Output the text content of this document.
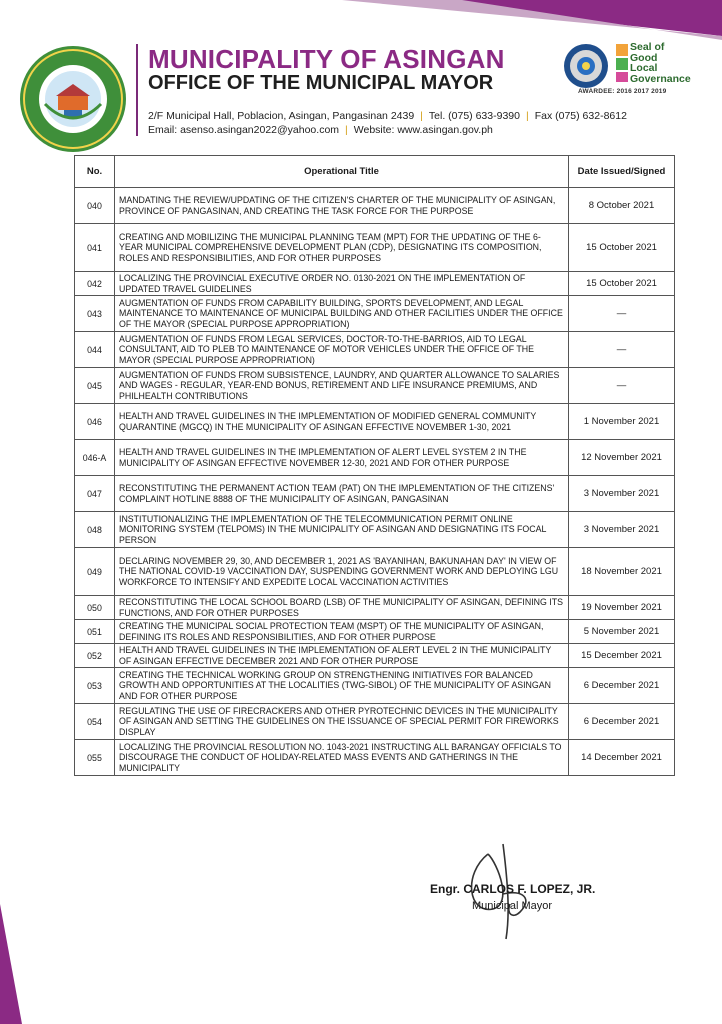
MUNICIPALITY OF ASINGAN
OFFICE OF THE MUNICIPAL MAYOR
2/F Municipal Hall, Poblacion, Asingan, Pangasinan 2439 | Tel. (075) 633-9390 | Fax (075) 632-8612
Email: asenso.asingan2022@yahoo.com | Website: www.asingan.gov.ph
Seal of
Good
Local
Governance
AWARDEE: 2016 2017 2019
No.	Operational Title	Date Issued/Signed
040	MANDATING THE REVIEW/UPDATING OF THE CITIZEN'S CHARTER OF THE MUNICIPALITY OF ASINGAN, PROVINCE OF PANGASINAN, AND CREATING THE TASK FORCE FOR THE PURPOSE	8 October 2021
041	CREATING AND MOBILIZING THE MUNICIPAL PLANNING TEAM (MPT) FOR THE UPDATING OF THE 6-YEAR MUNICIPAL COMPREHENSIVE DEVELOPMENT PLAN (CDP), DESIGNATING ITS COMPOSITION, ROLES AND RESPONSIBILITIES, AND FOR OTHER PURPOSES	15 October 2021
042	LOCALIZING THE PROVINCIAL EXECUTIVE ORDER NO. 0130-2021 ON THE IMPLEMENTATION OF UPDATED TRAVEL GUIDELINES	15 October 2021
043	AUGMENTATION OF FUNDS FROM CAPABILITY BUILDING, SPORTS DEVELOPMENT, AND LEGAL MAINTENANCE TO MAINTENANCE OF MUNICIPAL BUILDING AND OTHER FACILITIES UNDER THE OFFICE OF THE MAYOR (SPECIAL PURPOSE APPROPRIATION)	—
044	AUGMENTATION OF FUNDS FROM LEGAL SERVICES, DOCTOR-TO-THE-BARRIOS, AID TO LEGAL CONSULTANT, AID TO PLEB TO MAINTENANCE OF MOTOR VEHICLES UNDER THE OFFICE OF THE MAYOR (SPECIAL PURPOSE APPROPRIATION)	—
045	AUGMENTATION OF FUNDS FROM SUBSISTENCE, LAUNDRY, AND QUARTER ALLOWANCE TO SALARIES AND WAGES - REGULAR, YEAR-END BONUS, RETIREMENT AND LIFE INSURANCE PREMIUMS, AND PHILHEALTH CONTRIBUTIONS	—
046	HEALTH AND TRAVEL GUIDELINES IN THE IMPLEMENTATION OF MODIFIED GENERAL COMMUNITY QUARANTINE (MGCQ) IN THE MUNICIPALITY OF ASINGAN EFFECTIVE NOVEMBER 1-30, 2021	1 November 2021
046-A	HEALTH AND TRAVEL GUIDELINES IN THE IMPLEMENTATION OF ALERT LEVEL SYSTEM 2 IN THE MUNICIPALITY OF ASINGAN EFFECTIVE NOVEMBER 12-30, 2021 AND FOR OTHER PURPOSE	12 November 2021
047	RECONSTITUTING THE PERMANENT ACTION TEAM (PAT) ON THE IMPLEMENTATION OF THE CITIZENS' COMPLAINT HOTLINE 8888 OF THE MUNICIPALITY OF ASINGAN, PANGASINAN	3 November 2021
048	INSTITUTIONALIZING THE IMPLEMENTATION OF THE TELECOMMUNICATION PERMIT ONLINE MONITORING SYSTEM (TELPOMS) IN THE MUNICIPALITY OF ASINGAN AND DESIGNATING ITS FOCAL PERSON	3 November 2021
049	DECLARING NOVEMBER 29, 30, AND DECEMBER 1, 2021 AS 'BAYANIHAN, BAKUNAHAN DAY' IN VIEW OF THE NATIONAL COVID-19 VACCINATION DAY, SUSPENDING GOVERNMENT WORK AND DEPLOYING LGU WORKFORCE TO INTENSIFY AND EXPEDITE LOCAL VACCINATION ACTIVITIES	18 November 2021
050	RECONSTITUTING THE LOCAL SCHOOL BOARD (LSB) OF THE MUNICIPALITY OF ASINGAN, DEFINING ITS FUNCTIONS, AND FOR OTHER PURPOSES	19 November 2021
051	CREATING THE MUNICIPAL SOCIAL PROTECTION TEAM (MSPT) OF THE MUNICIPALITY OF ASINGAN, DEFINING ITS ROLES AND RESPONSIBILITIES, AND FOR OTHER PURPOSE	5 November 2021
052	HEALTH AND TRAVEL GUIDELINES IN THE IMPLEMENTATION OF ALERT LEVEL 2 IN THE MUNICIPALITY OF ASINGAN EFFECTIVE DECEMBER 2021 AND FOR OTHER PURPOSE	15 December 2021
053	CREATING THE TECHNICAL WORKING GROUP ON STRENGTHENING INITIATIVES FOR BALANCED GROWTH AND OPPORTUNITIES AT THE LOCALITIES (TWG-SIBOL) OF THE MUNICIPALITY OF ASINGAN AND FOR OTHER PURPOSE	6 December 2021
054	REGULATING THE USE OF FIRECRACKERS AND OTHER PYROTECHNIC DEVICES IN THE MUNICIPALITY OF ASINGAN AND SETTING THE GUIDELINES ON THE ISSUANCE OF SPECIAL PERMIT FOR FIREWORKS DISPLAY	6 December 2021
055	LOCALIZING THE PROVINCIAL RESOLUTION NO. 1043-2021 INSTRUCTING ALL BARANGAY OFFICIALS TO DISCOURAGE THE CONDUCT OF HOLIDAY-RELATED MASS EVENTS AND GATHERINGS IN THE MUNICIPALITY	14 December 2021
Engr. CARLOS F. LOPEZ, JR.
Municipal Mayor
